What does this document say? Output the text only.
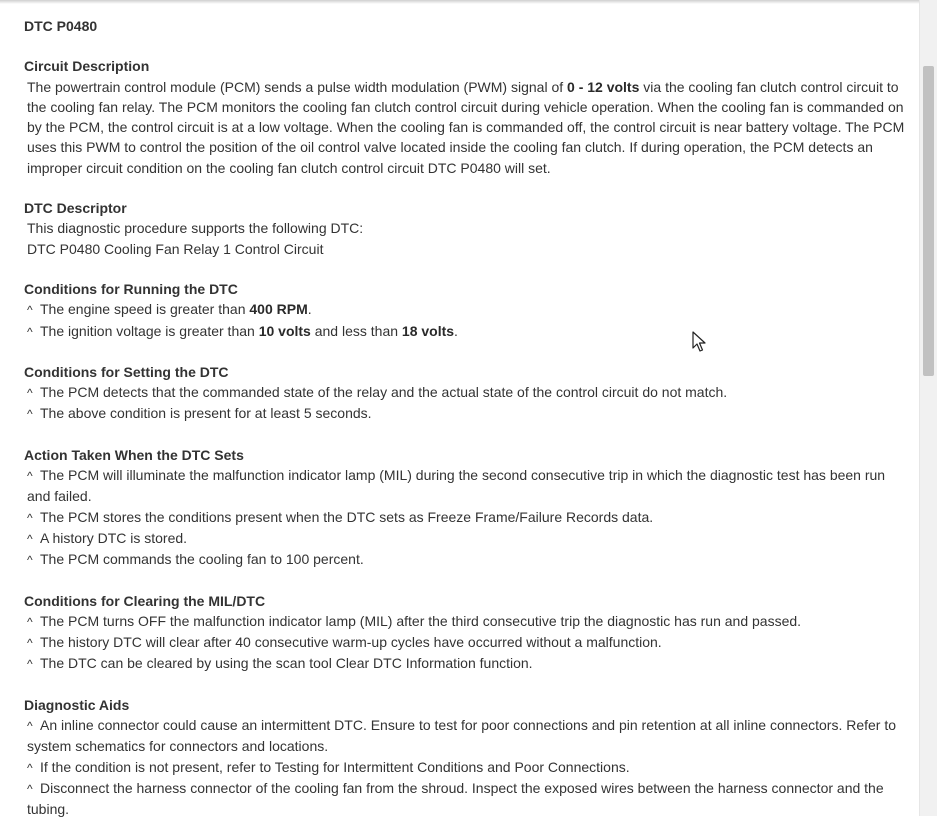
DTC P0480
Circuit Description
The powertrain control module (PCM) sends a pulse width modulation (PWM) signal of 0 - 12 volts via the cooling fan clutch control circuit to the cooling fan relay. The PCM monitors the cooling fan clutch control circuit during vehicle operation. When the cooling fan is commanded on by the PCM, the control circuit is at a low voltage. When the cooling fan is commanded off, the control circuit is near battery voltage. The PCM uses this PWM to control the position of the oil control valve located inside the cooling fan clutch. If during operation, the PCM detects an improper circuit condition on the cooling fan clutch control circuit DTC P0480 will set.
DTC Descriptor
This diagnostic procedure supports the following DTC:
DTC P0480 Cooling Fan Relay 1 Control Circuit
Conditions for Running the DTC
^ The engine speed is greater than 400 RPM.
^ The ignition voltage is greater than 10 volts and less than 18 volts.
Conditions for Setting the DTC
^ The PCM detects that the commanded state of the relay and the actual state of the control circuit do not match.
^ The above condition is present for at least 5 seconds.
Action Taken When the DTC Sets
^ The PCM will illuminate the malfunction indicator lamp (MIL) during the second consecutive trip in which the diagnostic test has been run and failed.
^ The PCM stores the conditions present when the DTC sets as Freeze Frame/Failure Records data.
^ A history DTC is stored.
^ The PCM commands the cooling fan to 100 percent.
Conditions for Clearing the MIL/DTC
^ The PCM turns OFF the malfunction indicator lamp (MIL) after the third consecutive trip the diagnostic has run and passed.
^ The history DTC will clear after 40 consecutive warm-up cycles have occurred without a malfunction.
^ The DTC can be cleared by using the scan tool Clear DTC Information function.
Diagnostic Aids
^ An inline connector could cause an intermittent DTC. Ensure to test for poor connections and pin retention at all inline connectors. Refer to system schematics for connectors and locations.
^ If the condition is not present, refer to Testing for Intermittent Conditions and Poor Connections.
^ Disconnect the harness connector of the cooling fan from the shroud. Inspect the exposed wires between the harness connector and the tubing.
